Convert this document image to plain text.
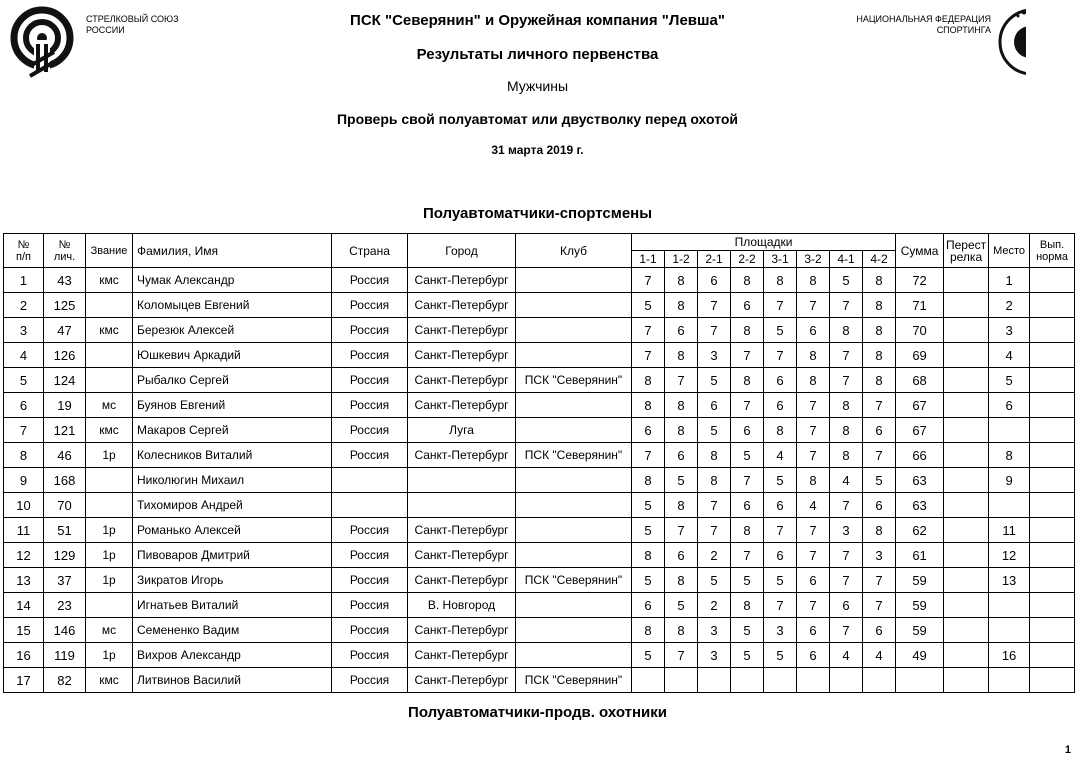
СТРЕЛКОВЫЙ СОЮЗ
РОССИИ
НАЦИОНАЛЬНАЯ ФЕДЕРАЦИЯ
СПОРТИНГА
ПСК "Северянин" и Оружейная компания "Левша"
Результаты личного первенства
Мужчины
Проверь свой полуавтомат или двустволку перед охотой
31 марта 2019 г.
Полуавтоматчики-спортсмены
№
п/п	№
лич.	Звание	Фамилия, Имя	Страна	Город	Клуб	Площадки								Сумма	Перест
релка	Место	Вып.
норма
							1-1	1-2	2-1	2-2	3-1	3-2	4-1	4-2				
1	43	кмс	Чумак Александр	Россия	Санкт-Петербург		7	8	6	8	8	8	5	8	72		1	
2	125		Коломыцев Евгений	Россия	Санкт-Петербург		5	8	7	6	7	7	7	8	71		2	
3	47	кмс	Березюк Алексей	Россия	Санкт-Петербург		7	6	7	8	5	6	8	8	70		3	
4	126		Юшкевич Аркадий	Россия	Санкт-Петербург		7	8	3	7	7	8	7	8	69		4	
5	124		Рыбалко Сергей	Россия	Санкт-Петербург	ПСК "Северянин"	8	7	5	8	6	8	7	8	68		5	
6	19	мс	Буянов Евгений	Россия	Санкт-Петербург		8	8	6	7	6	7	8	7	67		6	
7	121	кмс	Макаров Сергей	Россия	Луга		6	8	5	6	8	7	8	6	67			
8	46	1р	Колесников Виталий	Россия	Санкт-Петербург	ПСК "Северянин"	7	6	8	5	4	7	8	7	66		8	
9	168		Николюгин Михаил				8	5	8	7	5	8	4	5	63		9	
10	70		Тихомиров Андрей				5	8	7	6	6	4	7	6	63			
11	51	1р	Романько Алексей	Россия	Санкт-Петербург		5	7	7	8	7	7	3	8	62		11	
12	129	1р	Пивоваров Дмитрий	Россия	Санкт-Петербург		8	6	2	7	6	7	7	3	61		12	
13	37	1р	Зикратов Игорь	Россия	Санкт-Петербург	ПСК "Северянин"	5	8	5	5	5	6	7	7	59		13	
14	23		Игнатьев Виталий	Россия	В. Новгород		6	5	2	8	7	7	6	7	59			
15	146	мс	Семененко Вадим	Россия	Санкт-Петербург		8	8	3	5	3	6	7	6	59			
16	119	1р	Вихров Александр	Россия	Санкт-Петербург		5	7	3	5	5	6	4	4	49		16	
17	82	кмс	Литвинов Василий	Россия	Санкт-Петербург	ПСК "Северянин"												
Полуавтоматчики-продв. охотники
1
